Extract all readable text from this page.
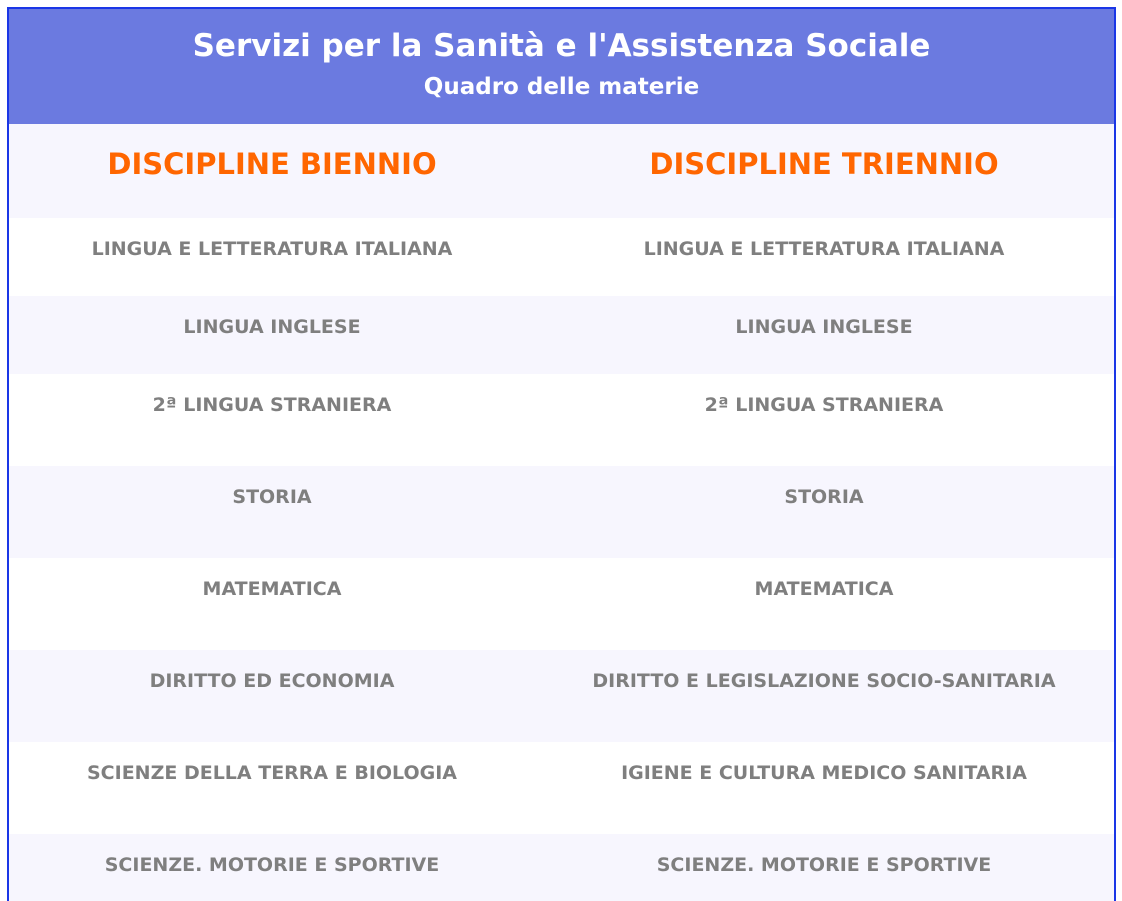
Servizi per la Sanità e l'Assistenza Sociale
Quadro delle materie
DISCIPLINE BIENNIO	DISCIPLINE TRIENNIO
LINGUA E LETTERATURA ITALIANA	LINGUA E LETTERATURA ITALIANA
LINGUA INGLESE	LINGUA INGLESE
2ª LINGUA STRANIERA	2ª LINGUA STRANIERA
STORIA	STORIA
MATEMATICA	MATEMATICA
DIRITTO ED ECONOMIA	DIRITTO E LEGISLAZIONE SOCIO-SANITARIA
SCIENZE DELLA TERRA E BIOLOGIA	IGIENE E CULTURA MEDICO SANITARIA
SCIENZE. MOTORIE E SPORTIVE	SCIENZE. MOTORIE E SPORTIVE
